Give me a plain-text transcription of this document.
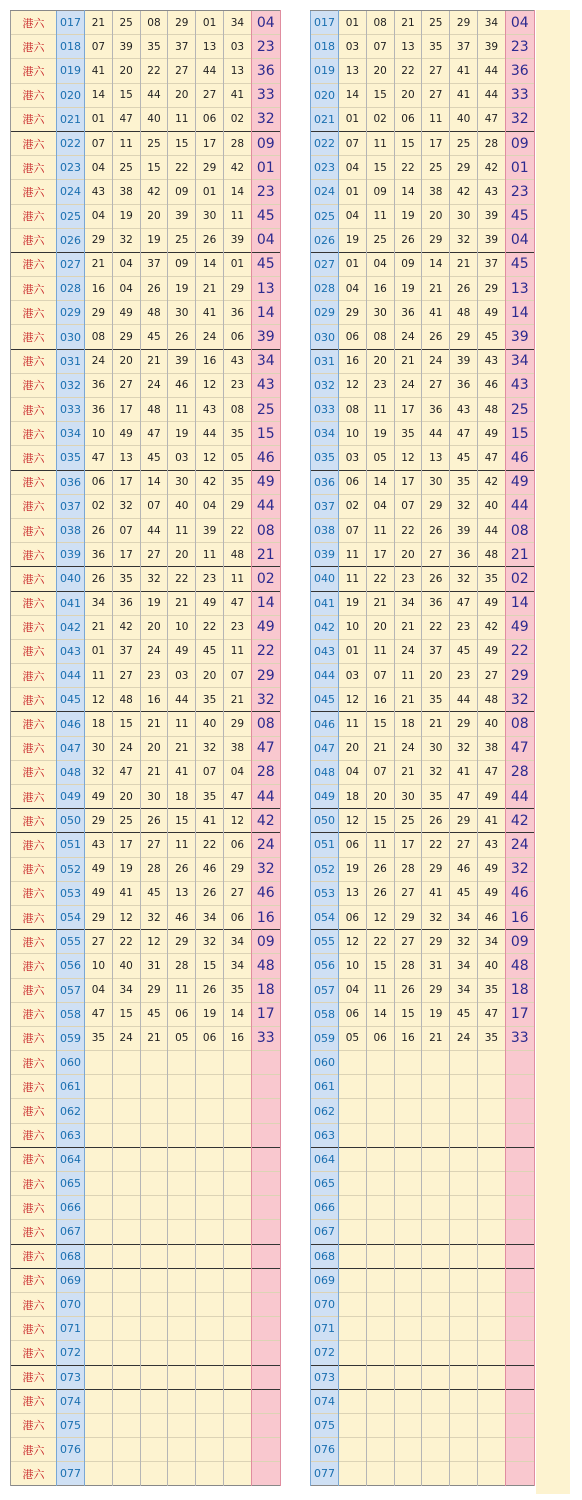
港六	017	21	25	08	29	01	34	04
港六	018	07	39	35	37	13	03	23
港六	019	41	20	22	27	44	13	36
港六	020	14	15	44	20	27	41	33
港六	021	01	47	40	11	06	02	32
港六	022	07	11	25	15	17	28	09
港六	023	04	25	15	22	29	42	01
港六	024	43	38	42	09	01	14	23
港六	025	04	19	20	39	30	11	45
港六	026	29	32	19	25	26	39	04
港六	027	21	04	37	09	14	01	45
港六	028	16	04	26	19	21	29	13
港六	029	29	49	48	30	41	36	14
港六	030	08	29	45	26	24	06	39
港六	031	24	20	21	39	16	43	34
港六	032	36	27	24	46	12	23	43
港六	033	36	17	48	11	43	08	25
港六	034	10	49	47	19	44	35	15
港六	035	47	13	45	03	12	05	46
港六	036	06	17	14	30	42	35	49
港六	037	02	32	07	40	04	29	44
港六	038	26	07	44	11	39	22	08
港六	039	36	17	27	20	11	48	21
港六	040	26	35	32	22	23	11	02
港六	041	34	36	19	21	49	47	14
港六	042	21	42	20	10	22	23	49
港六	043	01	37	24	49	45	11	22
港六	044	11	27	23	03	20	07	29
港六	045	12	48	16	44	35	21	32
港六	046	18	15	21	11	40	29	08
港六	047	30	24	20	21	32	38	47
港六	048	32	47	21	41	07	04	28
港六	049	49	20	30	18	35	47	44
港六	050	29	25	26	15	41	12	42
港六	051	43	17	27	11	22	06	24
港六	052	49	19	28	26	46	29	32
港六	053	49	41	45	13	26	27	46
港六	054	29	12	32	46	34	06	16
港六	055	27	22	12	29	32	34	09
港六	056	10	40	31	28	15	34	48
港六	057	04	34	29	11	26	35	18
港六	058	47	15	45	06	19	14	17
港六	059	35	24	21	05	06	16	33
港六	060							
港六	061							
港六	062							
港六	063							
港六	064							
港六	065							
港六	066							
港六	067							
港六	068							
港六	069							
港六	070							
港六	071							
港六	072							
港六	073							
港六	074							
港六	075							
港六	076							
港六	077							
017	01	08	21	25	29	34	04
018	03	07	13	35	37	39	23
019	13	20	22	27	41	44	36
020	14	15	20	27	41	44	33
021	01	02	06	11	40	47	32
022	07	11	15	17	25	28	09
023	04	15	22	25	29	42	01
024	01	09	14	38	42	43	23
025	04	11	19	20	30	39	45
026	19	25	26	29	32	39	04
027	01	04	09	14	21	37	45
028	04	16	19	21	26	29	13
029	29	30	36	41	48	49	14
030	06	08	24	26	29	45	39
031	16	20	21	24	39	43	34
032	12	23	24	27	36	46	43
033	08	11	17	36	43	48	25
034	10	19	35	44	47	49	15
035	03	05	12	13	45	47	46
036	06	14	17	30	35	42	49
037	02	04	07	29	32	40	44
038	07	11	22	26	39	44	08
039	11	17	20	27	36	48	21
040	11	22	23	26	32	35	02
041	19	21	34	36	47	49	14
042	10	20	21	22	23	42	49
043	01	11	24	37	45	49	22
044	03	07	11	20	23	27	29
045	12	16	21	35	44	48	32
046	11	15	18	21	29	40	08
047	20	21	24	30	32	38	47
048	04	07	21	32	41	47	28
049	18	20	30	35	47	49	44
050	12	15	25	26	29	41	42
051	06	11	17	22	27	43	24
052	19	26	28	29	46	49	32
053	13	26	27	41	45	49	46
054	06	12	29	32	34	46	16
055	12	22	27	29	32	34	09
056	10	15	28	31	34	40	48
057	04	11	26	29	34	35	18
058	06	14	15	19	45	47	17
059	05	06	16	21	24	35	33
060							
061							
062							
063							
064							
065							
066							
067							
068							
069							
070							
071							
072							
073							
074							
075							
076							
077							
